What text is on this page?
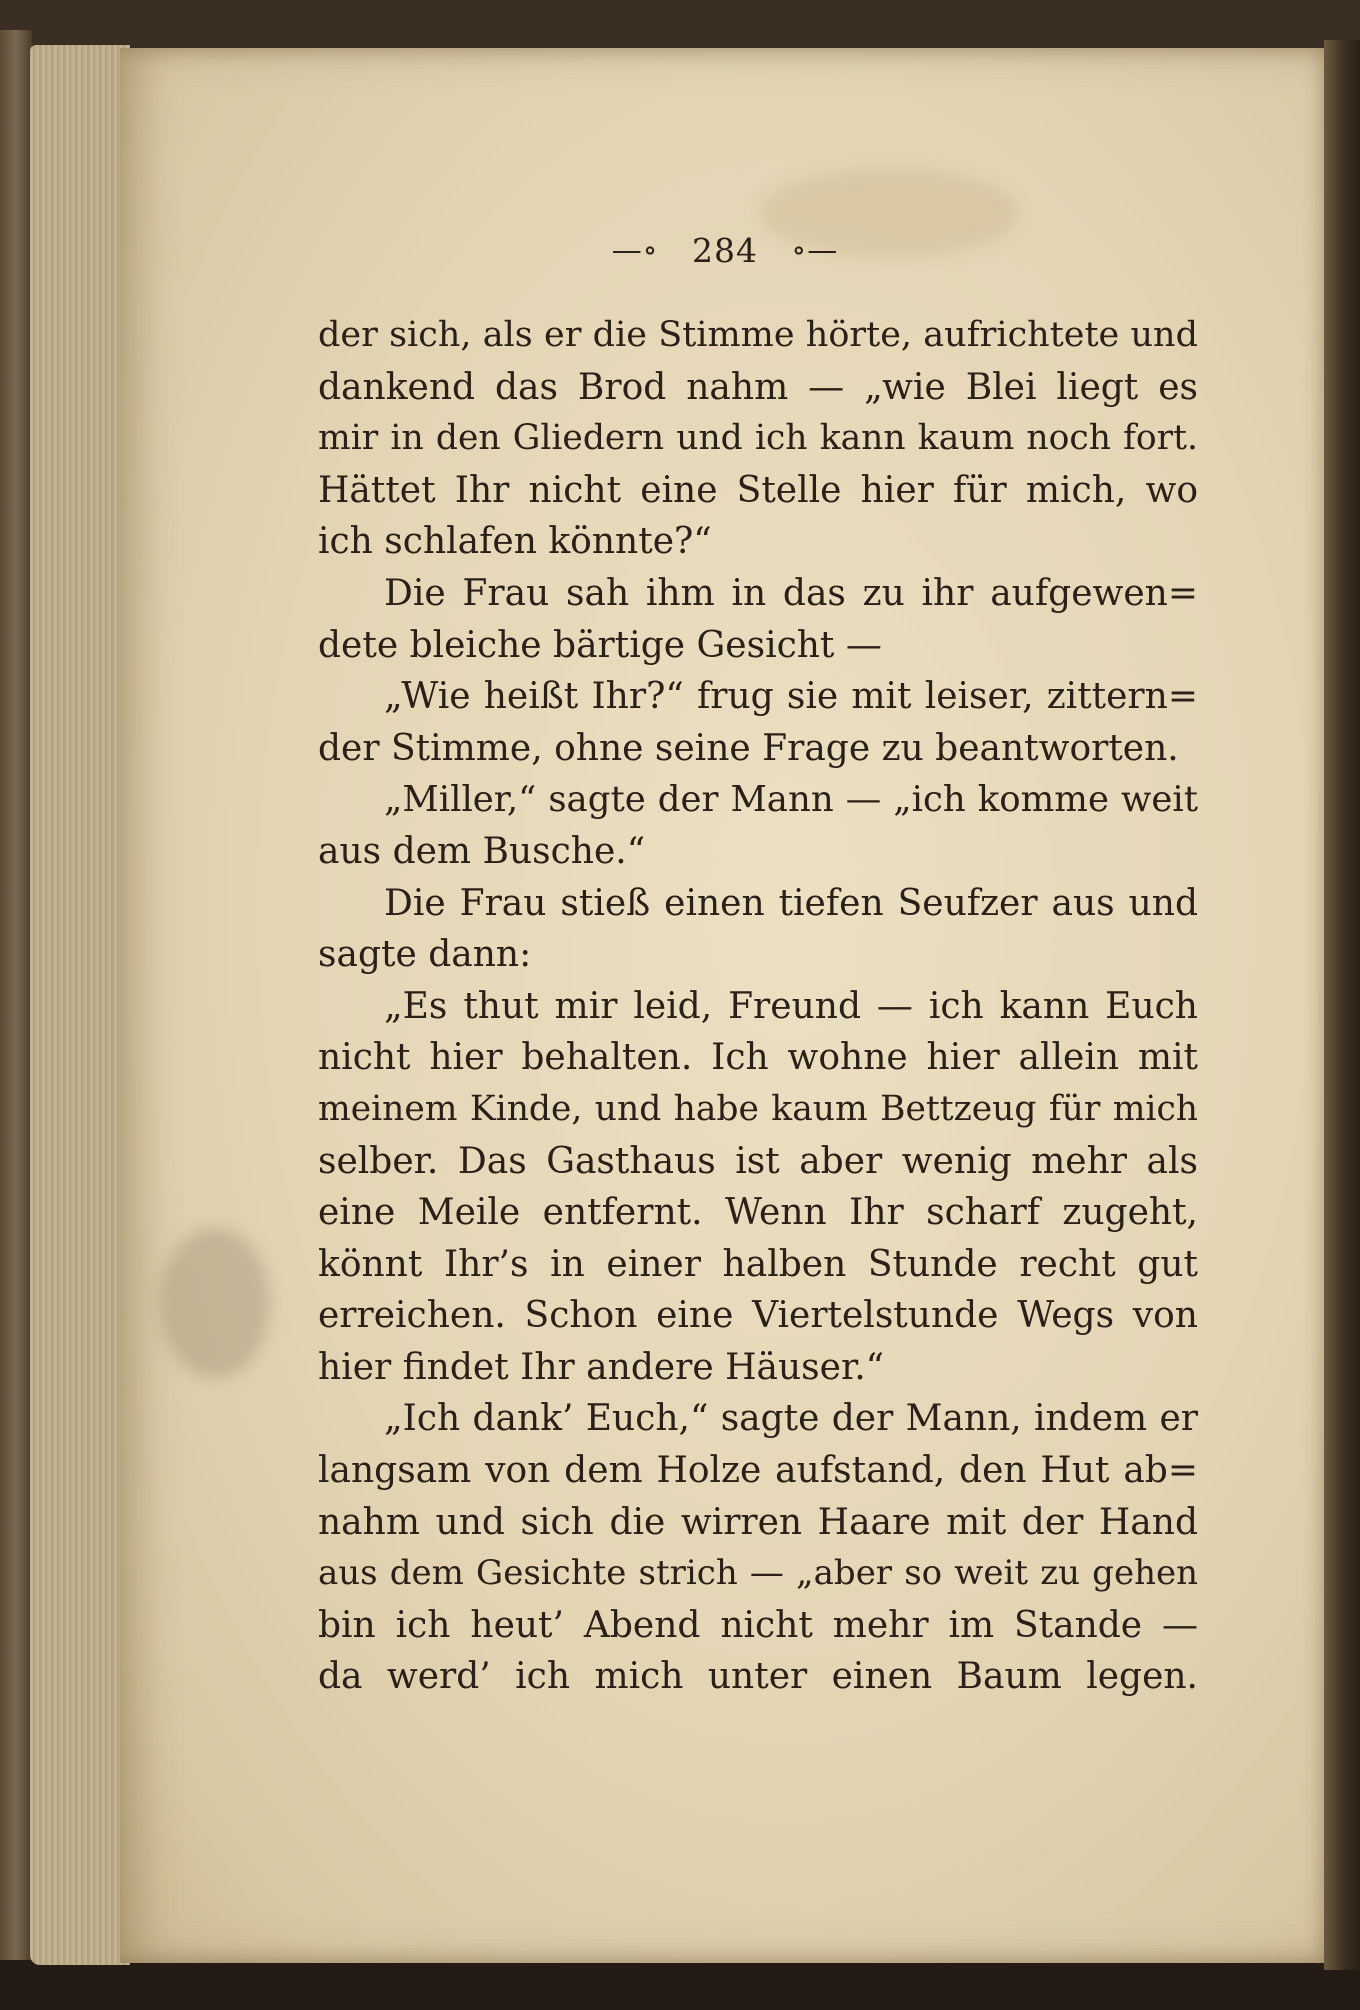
—∘ 284 ∘—
der sich, als er die Stimme hörte, aufrichtete und
dankend das Brod nahm — „wie Blei liegt es
mir in den Gliedern und ich kann kaum noch fort.
Hättet Ihr nicht eine Stelle hier für mich, wo
ich schlafen könnte?“
Die Frau sah ihm in das zu ihr aufgewen=
dete bleiche bärtige Gesicht —
„Wie heißt Ihr?“ frug sie mit leiser, zittern=
der Stimme, ohne seine Frage zu beantworten.
„Miller,“ sagte der Mann — „ich komme weit
aus dem Busche.“
Die Frau stieß einen tiefen Seufzer aus und
sagte dann:
„Es thut mir leid, Freund — ich kann Euch
nicht hier behalten. Ich wohne hier allein mit
meinem Kinde, und habe kaum Bettzeug für mich
selber. Das Gasthaus ist aber wenig mehr als
eine Meile entfernt. Wenn Ihr scharf zugeht,
könnt Ihr’s in einer halben Stunde recht gut
erreichen. Schon eine Viertelstunde Wegs von
hier findet Ihr andere Häuser.“
„Ich dank’ Euch,“ sagte der Mann, indem er
langsam von dem Holze aufstand, den Hut ab=
nahm und sich die wirren Haare mit der Hand
aus dem Gesichte strich — „aber so weit zu gehen
bin ich heut’ Abend nicht mehr im Stande —
da werd’ ich mich unter einen Baum legen.
